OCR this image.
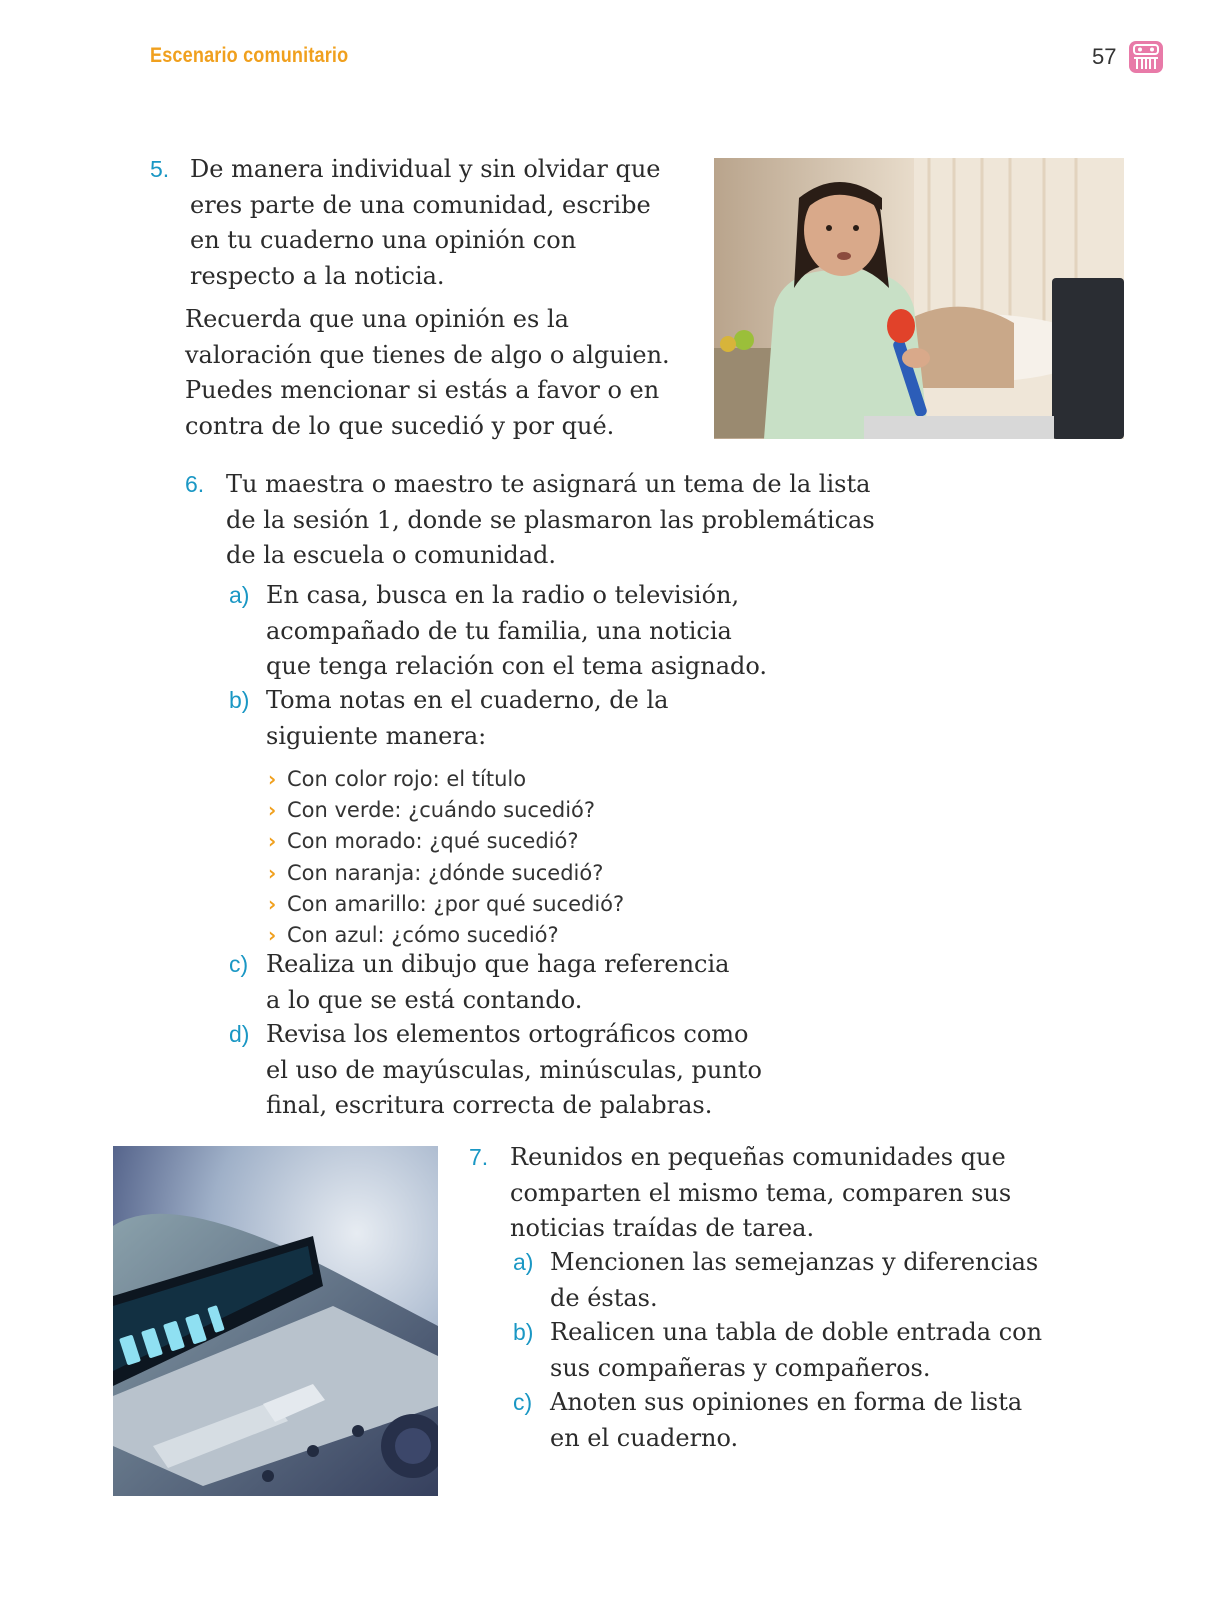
Escenario comunitario	57
5. De manera individual y sin olvidar que
eres parte de una comunidad, escribe
en tu cuaderno una opinión con
respecto a la noticia.
Recuerda que una opinión es la
valoración que tienes de algo o alguien.
Puedes mencionar si estás a favor o en
contra de lo que sucedió y por qué.
6. Tu maestra o maestro te asignará un tema de la lista
de la sesión 1, donde se plasmaron las problemáticas
de la escuela o comunidad.
a) En casa, busca en la radio o televisión,
acompañado de tu familia, una noticia
que tenga relación con el tema asignado.
b) Toma notas en el cuaderno, de la
siguiente manera:
› Con color rojo: el título
› Con verde: ¿cuándo sucedió?
› Con morado: ¿qué sucedió?
› Con naranja: ¿dónde sucedió?
› Con amarillo: ¿por qué sucedió?
› Con azul: ¿cómo sucedió?
c) Realiza un dibujo que haga referencia
a lo que se está contando.
d) Revisa los elementos ortográficos como
el uso de mayúsculas, minúsculas, punto
final, escritura correcta de palabras.
7. Reunidos en pequeñas comunidades que
comparten el mismo tema, comparen sus
noticias traídas de tarea.
a) Mencionen las semejanzas y diferencias
de éstas.
b) Realicen una tabla de doble entrada con
sus compañeras y compañeros.
c) Anoten sus opiniones en forma de lista
en el cuaderno.
